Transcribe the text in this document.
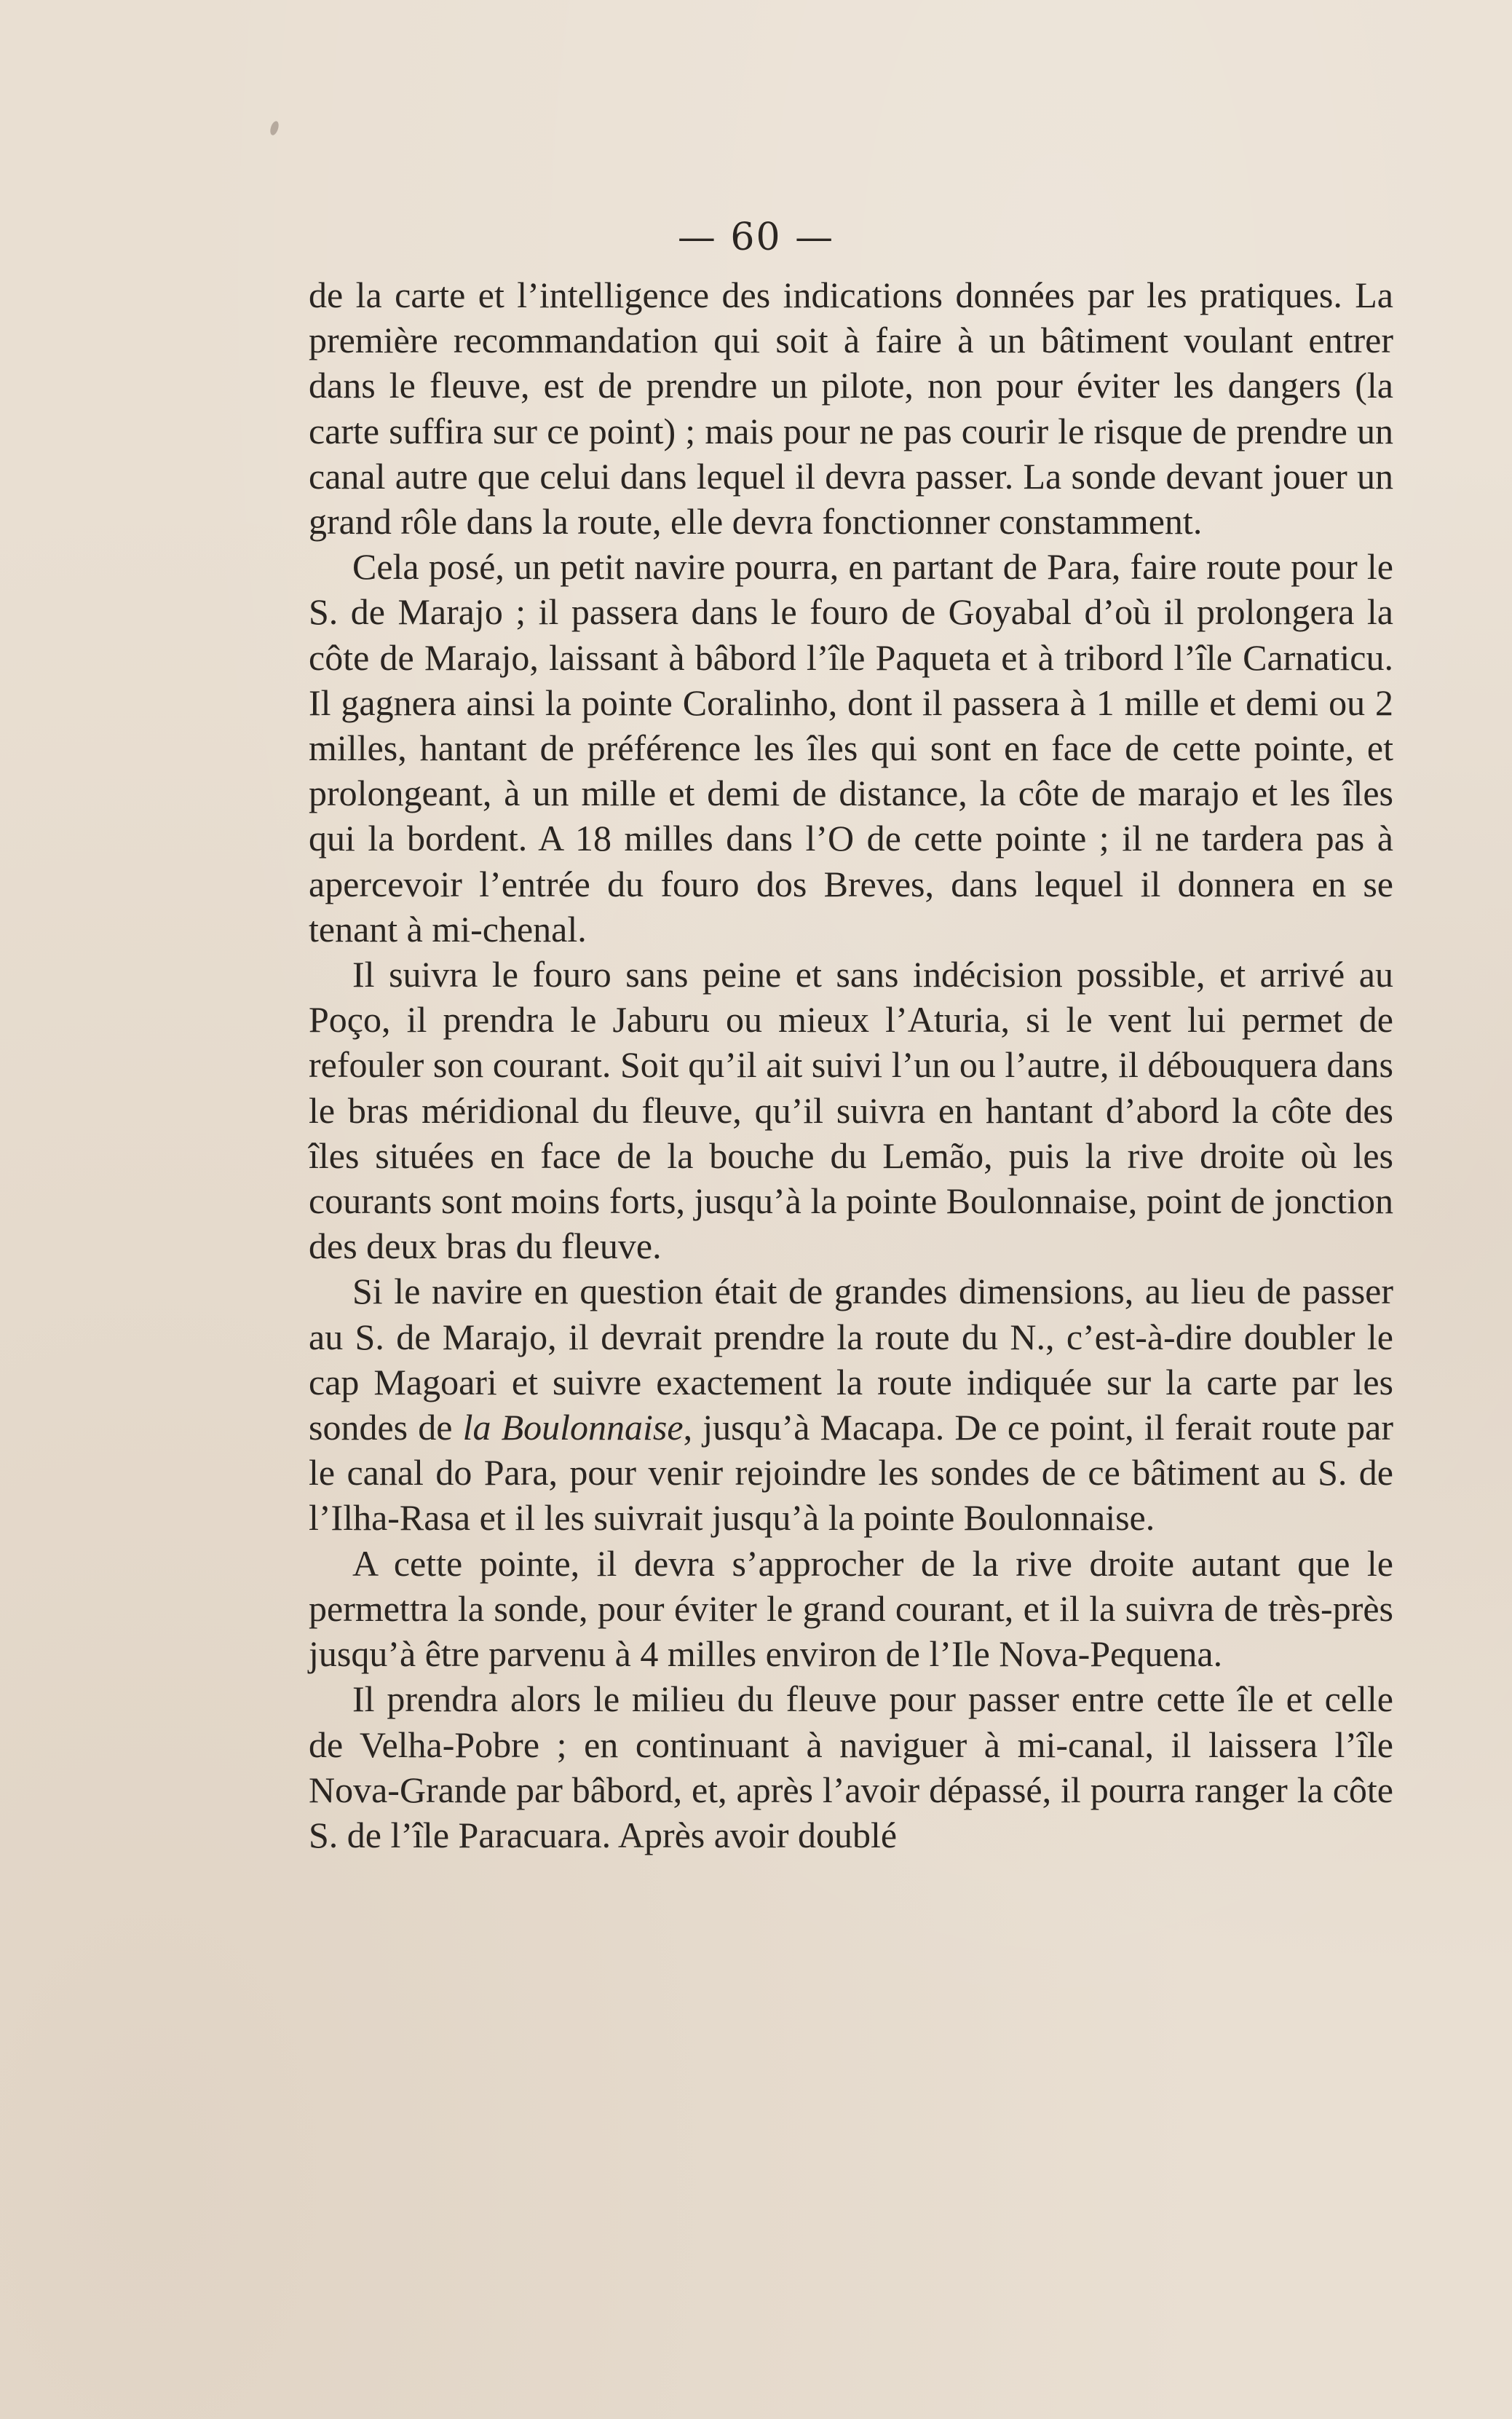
— 60 —

de la carte et l’intelligence des indications données par les pratiques. La première recommandation qui soit à faire à un bâtiment voulant entrer dans le fleuve, est de prendre un pilote, non pour éviter les dangers (la carte suffira sur ce point) ; mais pour ne pas courir le risque de prendre un canal autre que celui dans lequel il devra passer. La sonde devant jouer un grand rôle dans la route, elle devra fonctionner constamment.

Cela posé, un petit navire pourra, en partant de Para, faire route pour le S. de Marajo ; il passera dans le fouro de Goyabal d’où il prolongera la côte de Marajo, laissant à bâbord l’île Paqueta et à tribord l’île Carnaticu. Il gagnera ainsi la pointe Coralinho, dont il passera à 1 mille et demi ou 2 milles, hantant de préférence les îles qui sont en face de cette pointe, et prolongeant, à un mille et demi de distance, la côte de marajo et les îles qui la bordent. A 18 milles dans l’O de cette pointe ; il ne tardera pas à apercevoir l’entrée du fouro dos Breves, dans lequel il donnera en se tenant à mi-chenal.

Il suivra le fouro sans peine et sans indécision possible, et arrivé au Poço, il prendra le Jaburu ou mieux l’Aturia, si le vent lui permet de refouler son courant. Soit qu’il ait suivi l’un ou l’autre, il débouquera dans le bras méridional du fleuve, qu’il suivra en hantant d’abord la côte des îles situées en face de la bouche du Lemão, puis la rive droite où les courants sont moins forts, jusqu’à la pointe Boulonnaise, point de jonction des deux bras du fleuve.

Si le navire en question était de grandes dimensions, au lieu de passer au S. de Marajo, il devrait prendre la route du N., c’est-à-dire doubler le cap Magoari et suivre exactement la route indiquée sur la carte par les sondes de la Boulonnaise, jusqu’à Macapa. De ce point, il ferait route par le canal do Para, pour venir rejoindre les sondes de ce bâtiment au S. de l’Ilha-Rasa et il les suivrait jusqu’à la pointe Boulonnaise.

A cette pointe, il devra s’approcher de la rive droite autant que le permettra la sonde, pour éviter le grand courant, et il la suivra de très-près jusqu’à être parvenu à 4 milles environ de l’Ile Nova-Pequena.

Il prendra alors le milieu du fleuve pour passer entre cette île et celle de Velha-Pobre ; en continuant à naviguer à mi-canal, il laissera l’île Nova-Grande par bâbord, et, après l’avoir dépassé, il pourra ranger la côte S. de l’île Paracuara. Après avoir doublé
